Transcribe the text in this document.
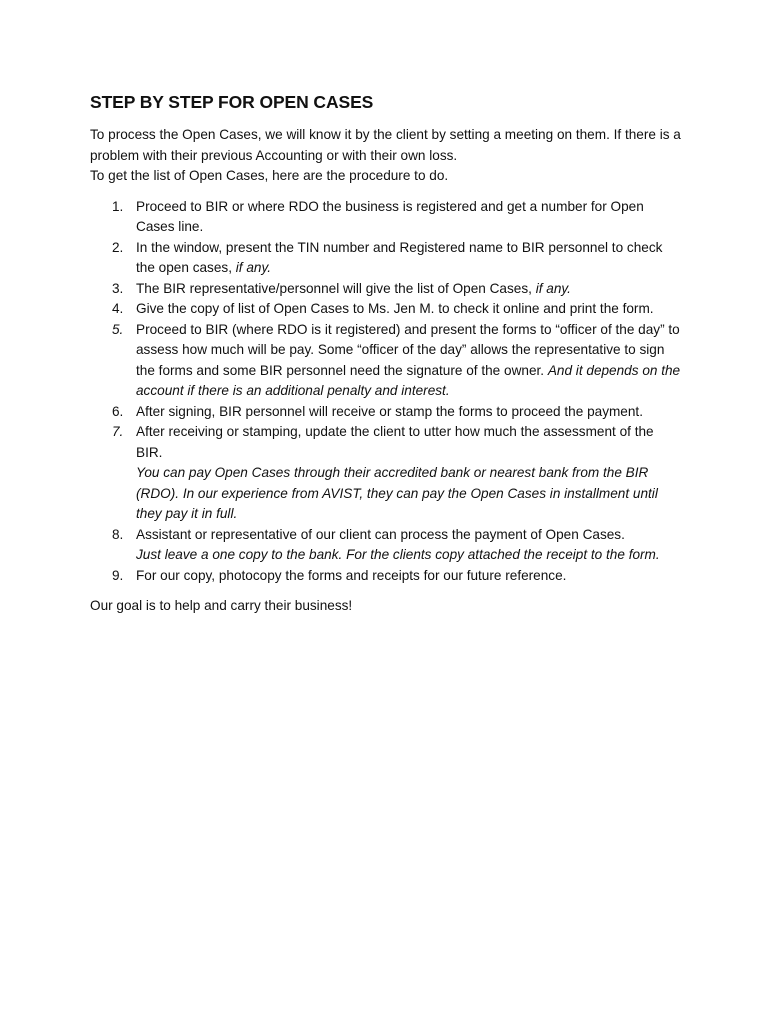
STEP BY STEP FOR OPEN CASES

To process the Open Cases, we will know it by the client by setting a meeting on them. If there is a problem with their previous Accounting or with their own loss.

To get the list of Open Cases, here are the procedure to do.

1. Proceed to BIR or where RDO the business is registered and get a number for Open Cases line.
2. In the window, present the TIN number and Registered name to BIR personnel to check the open cases, if any.
3. The BIR representative/personnel will give the list of Open Cases, if any.
4. Give the copy of list of Open Cases to Ms. Jen M. to check it online and print the form.
5. Proceed to BIR (where RDO is it registered) and present the forms to “officer of the day” to assess how much will be pay. Some “officer of the day” allows the representative to sign the forms and some BIR personnel need the signature of the owner. And it depends on the account if there is an additional penalty and interest.
6. After signing, BIR personnel will receive or stamp the forms to proceed the payment.
7. After receiving or stamping, update the client to utter how much the assessment of the BIR.
You can pay Open Cases through their accredited bank or nearest bank from the BIR (RDO). In our experience from AVIST, they can pay the Open Cases in installment until they pay it in full.
8. Assistant or representative of our client can process the payment of Open Cases.
Just leave a one copy to the bank. For the clients copy attached the receipt to the form.
9. For our copy, photocopy the forms and receipts for our future reference.

Our goal is to help and carry their business!
